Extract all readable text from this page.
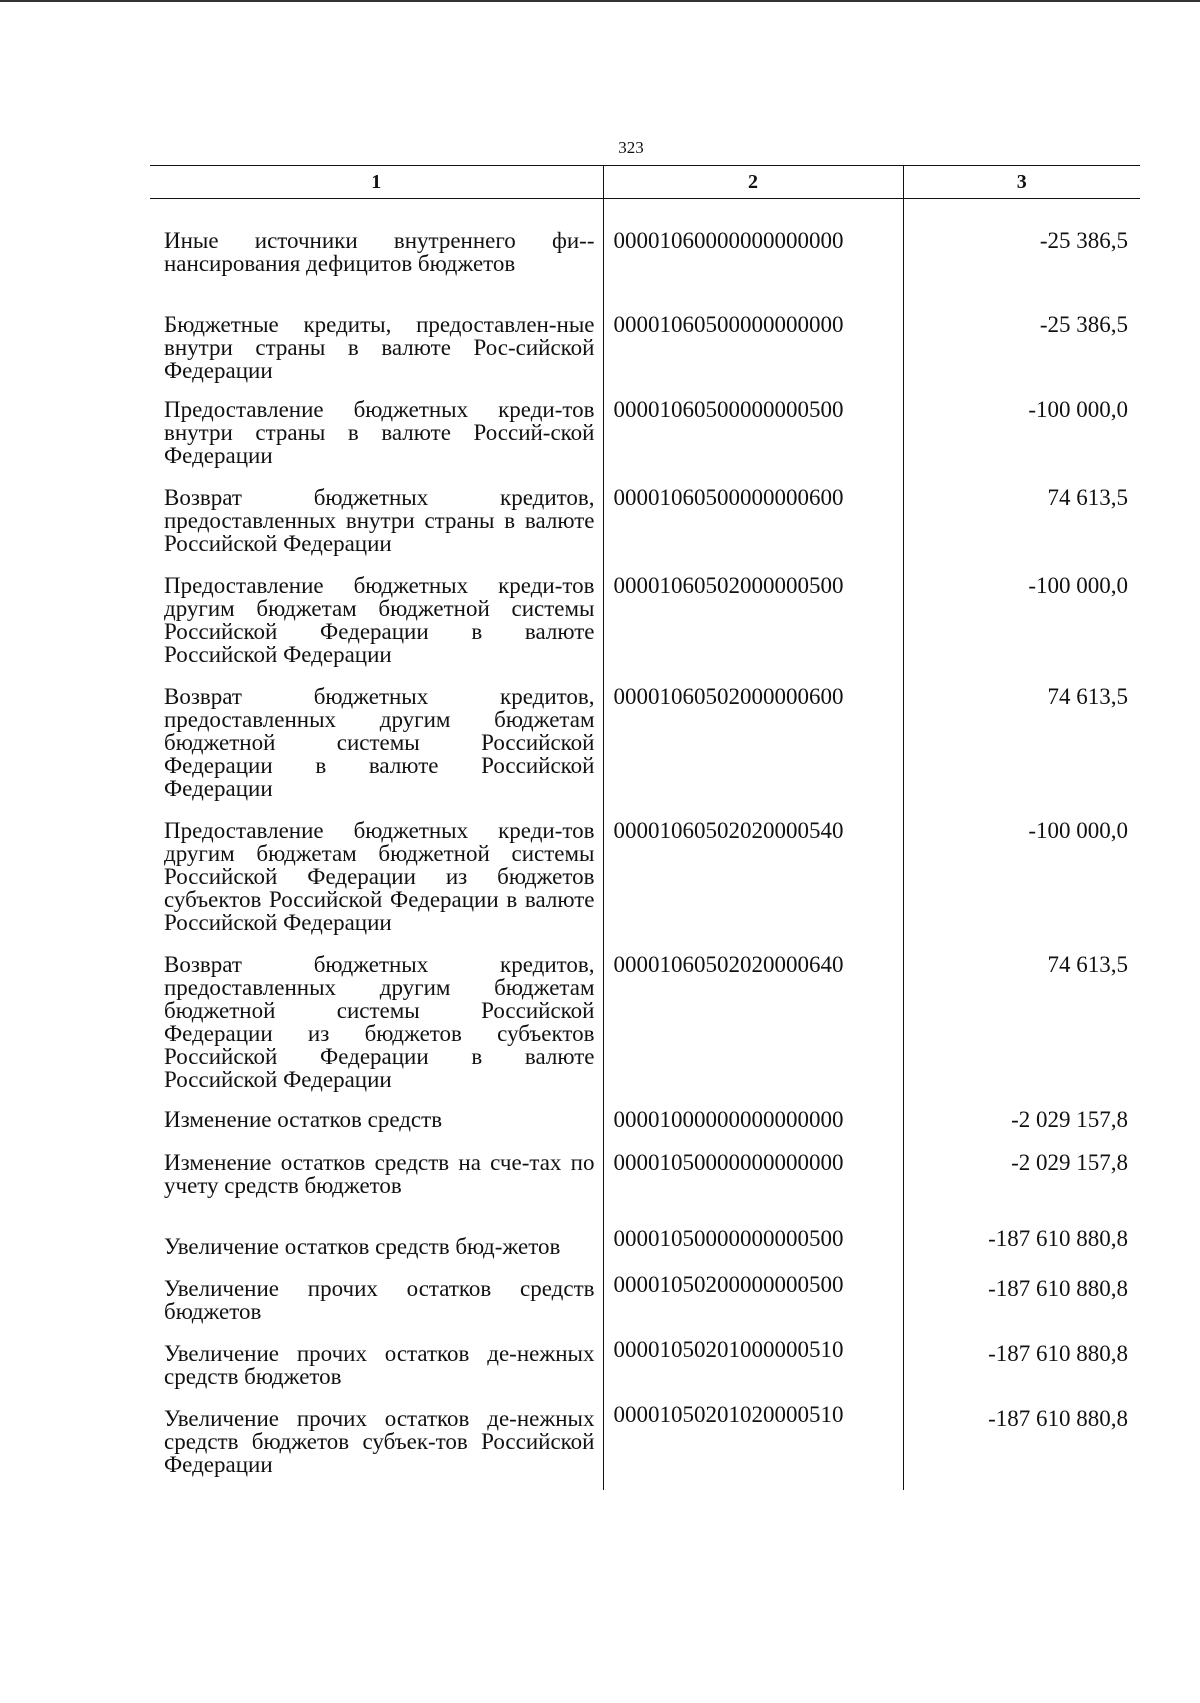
323
1	2	3
Иные источники внутреннего фи-нансирования дефицитов бюджетов	00001060000000000000	-25 386,5
Бюджетные кредиты, предоставлен-ные внутри страны в валюте Рос-сийской Федерации	00001060500000000000	-25 386,5
Предоставление бюджетных креди-тов внутри страны в валюте Россий-ской Федерации	00001060500000000500	-100 000,0
Возврат бюджетных кредитов, предоставленных внутри страны в валюте Российской Федерации	00001060500000000600	74 613,5
Предоставление бюджетных креди-тов другим бюджетам бюджетной системы Российской Федерации в валюте Российской Федерации	00001060502000000500	-100 000,0
Возврат бюджетных кредитов, предоставленных другим бюджетам бюджетной системы Российской Федерации в валюте Российской Федерации	00001060502000000600	74 613,5
Предоставление бюджетных креди-тов другим бюджетам бюджетной системы Российской Федерации из бюджетов субъектов Российской Федерации в валюте Российской Федерации	00001060502020000540	-100 000,0
Возврат бюджетных кредитов, предоставленных другим бюджетам бюджетной системы Российской Федерации из бюджетов субъектов Российской Федерации в валюте Российской Федерации	00001060502020000640	74 613,5
Изменение остатков средств	00001000000000000000	-2 029 157,8
Изменение остатков средств на сче-тах по учету средств бюджетов	00001050000000000000	-2 029 157,8
Увеличение остатков средств бюд-жетов	00001050000000000500	-187 610 880,8
Увеличение прочих остатков средств бюджетов	00001050200000000500	-187 610 880,8
Увеличение прочих остатков де-нежных средств бюджетов	00001050201000000510	-187 610 880,8
Увеличение прочих остатков де-нежных средств бюджетов субъек-тов Российской Федерации	00001050201020000510	-187 610 880,8
